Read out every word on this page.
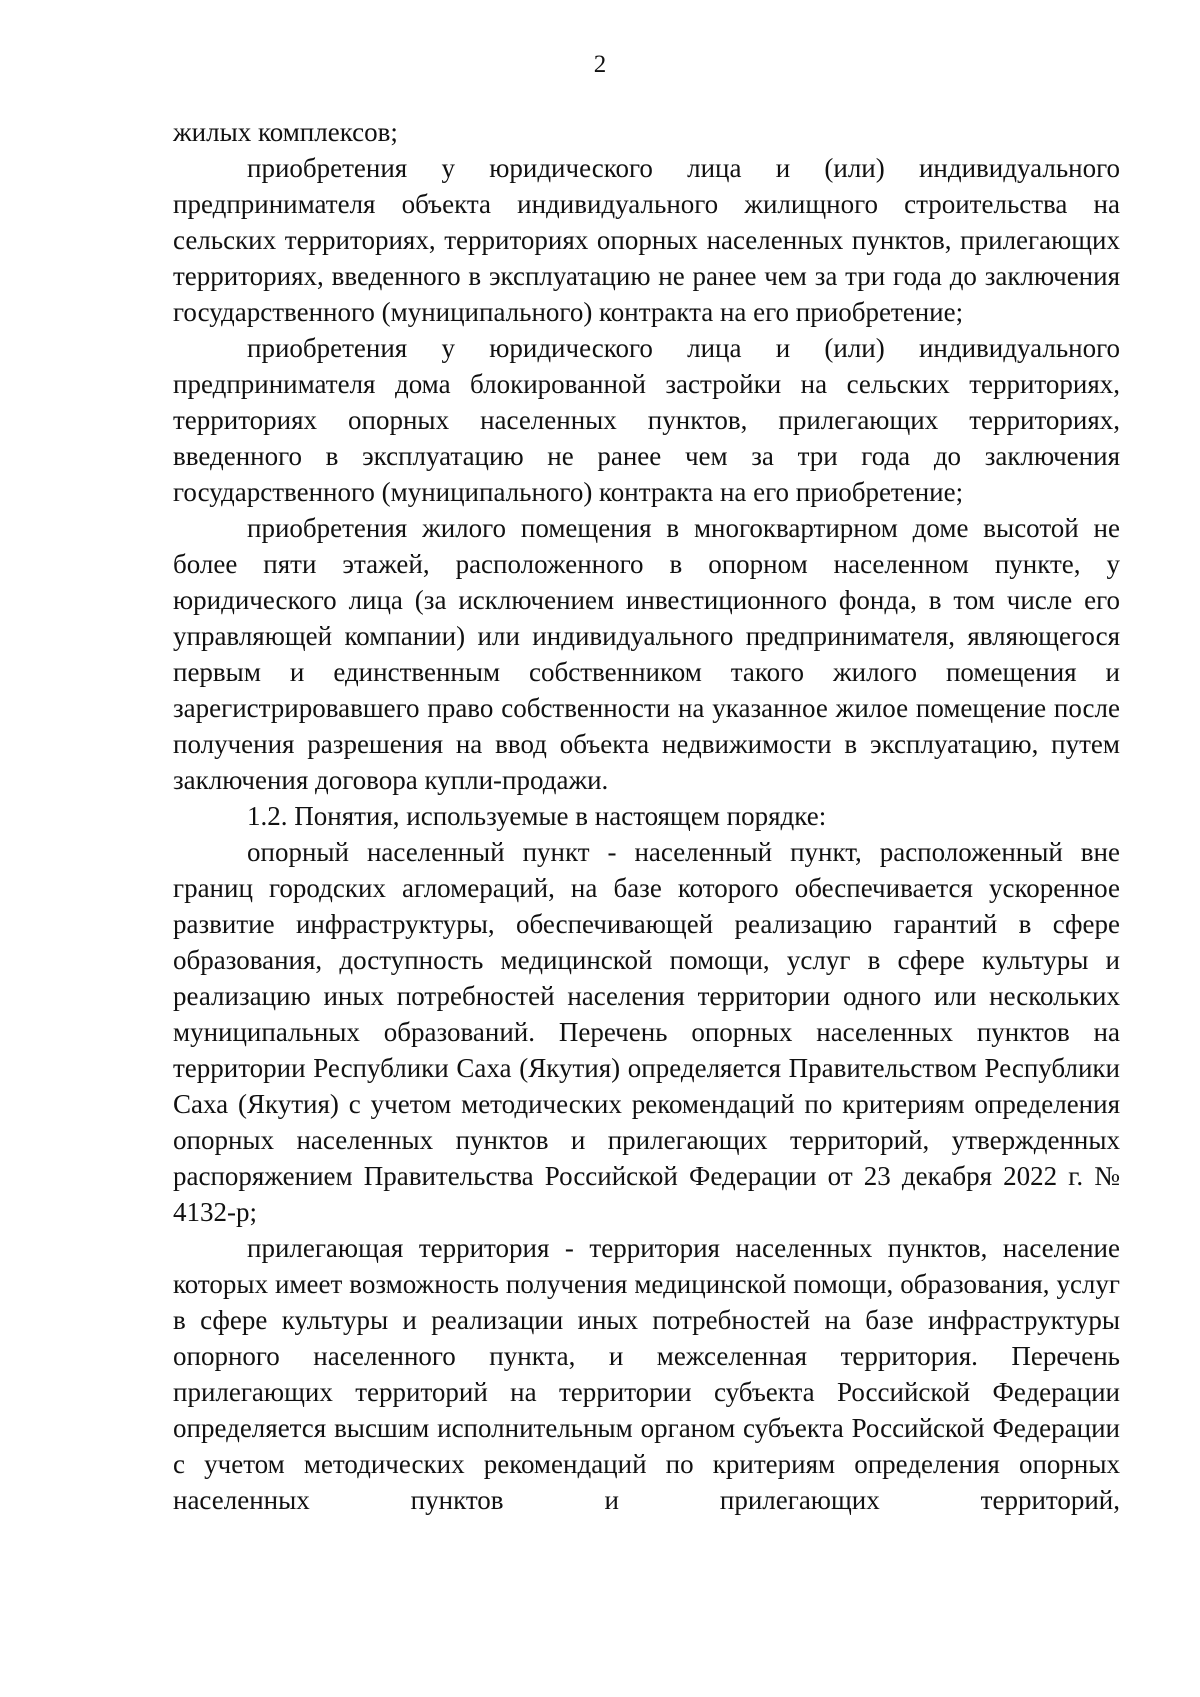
2

жилых комплексов;

приобретения у юридического лица и (или) индивидуального предпринимателя объекта индивидуального жилищного строительства на сельских территориях, территориях опорных населенных пунктов, прилегающих территориях, введенного в эксплуатацию не ранее чем за три года до заключения государственного (муниципального) контракта на его приобретение;

приобретения у юридического лица и (или) индивидуального предпринимателя дома блокированной застройки на сельских территориях, территориях опорных населенных пунктов, прилегающих территориях, введенного в эксплуатацию не ранее чем за три года до заключения государственного (муниципального) контракта на его приобретение;

приобретения жилого помещения в многоквартирном доме высотой не более пяти этажей, расположенного в опорном населенном пункте, у юридического лица (за исключением инвестиционного фонда, в том числе его управляющей компании) или индивидуального предпринимателя, являющегося первым и единственным собственником такого жилого помещения и зарегистрировавшего право собственности на указанное жилое помещение после получения разрешения на ввод объекта недвижимости в эксплуатацию, путем заключения договора купли-продажи.

1.2. Понятия, используемые в настоящем порядке:

опорный населенный пункт - населенный пункт, расположенный вне границ городских агломераций, на базе которого обеспечивается ускоренное развитие инфраструктуры, обеспечивающей реализацию гарантий в сфере образования, доступность медицинской помощи, услуг в сфере культуры и реализацию иных потребностей населения территории одного или нескольких муниципальных образований. Перечень опорных населенных пунктов на территории Республики Саха (Якутия) определяется Правительством Республики Саха (Якутия) с учетом методических рекомендаций по критериям определения опорных населенных пунктов и прилегающих территорий, утвержденных распоряжением Правительства Российской Федерации от 23 декабря 2022 г. № 4132-р;

прилегающая территория - территория населенных пунктов, население которых имеет возможность получения медицинской помощи, образования, услуг в сфере культуры и реализации иных потребностей на базе инфраструктуры опорного населенного пункта, и межселенная территория. Перечень прилегающих территорий на территории субъекта Российской Федерации определяется высшим исполнительным органом субъекта Российской Федерации с учетом методических рекомендаций по критериям определения опорных населенных пунктов и прилегающих территорий,
